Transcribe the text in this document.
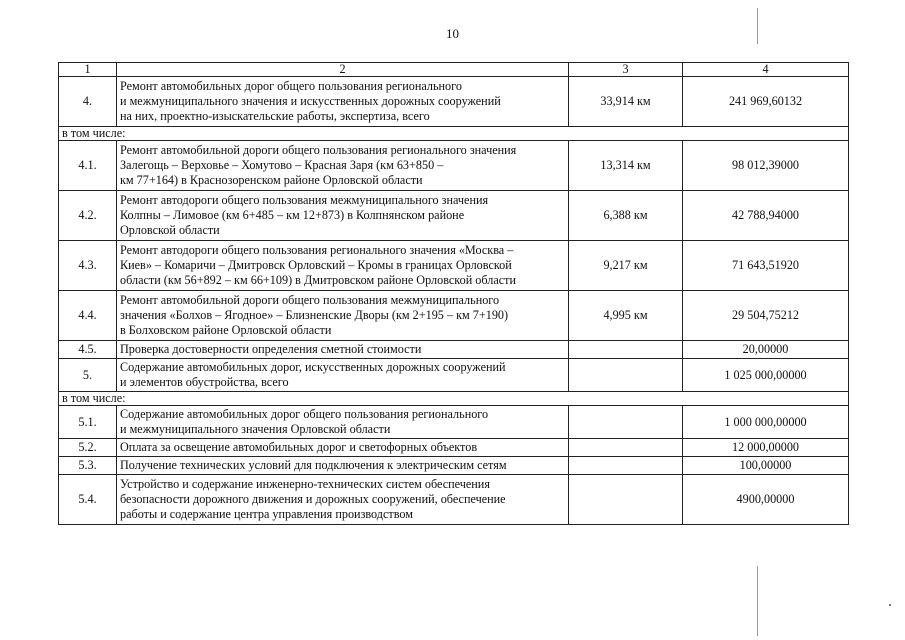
10
1	2	3	4
4.	Ремонт автомобильных дорог общего пользования регионального
и межмуниципального значения и искусственных дорожных сооружений
на них, проектно-изыскательские работы, экспертиза, всего	33,914 км	241 969,60132
в том числе:			
4.1.	Ремонт автомобильной дороги общего пользования регионального значения
Залегощь – Верховье – Хомутово – Красная Заря (км 63+850 –
км 77+164) в Краснозоренском районе Орловской области	13,314 км	98 012,39000
4.2.	Ремонт автодороги общего пользования межмуниципального значения
Колпны – Лимовое (км 6+485 – км 12+873) в Колпнянском районе
Орловской области	6,388 км	42 788,94000
4.3.	Ремонт автодороги общего пользования регионального значения «Москва –
Киев» – Комаричи – Дмитровск Орловский – Кромы в границах Орловской
области (км 56+892 – км 66+109) в Дмитровском районе Орловской области	9,217 км	71 643,51920
4.4.	Ремонт автомобильной дороги общего пользования межмуниципального
значения «Болхов – Ягодное» – Близненские Дворы (км 2+195 – км 7+190)
в Болховском районе Орловской области	4,995 км	29 504,75212
4.5.	Проверка достоверности определения сметной стоимости		20,00000
5.	Содержание автомобильных дорог, искусственных дорожных сооружений
и элементов обустройства, всего		1 025 000,00000
в том числе:			
5.1.	Содержание автомобильных дорог общего пользования регионального
и межмуниципального значения Орловской области		1 000 000,00000
5.2.	Оплата за освещение автомобильных дорог и светофорных объектов		12 000,00000
5.3.	Получение технических условий для подключения к электрическим сетям		100,00000
5.4.	Устройство и содержание инженерно-технических систем обеспечения
безопасности дорожного движения и дорожных сооружений, обеспечение
работы и содержание центра управления производством		4900,00000
